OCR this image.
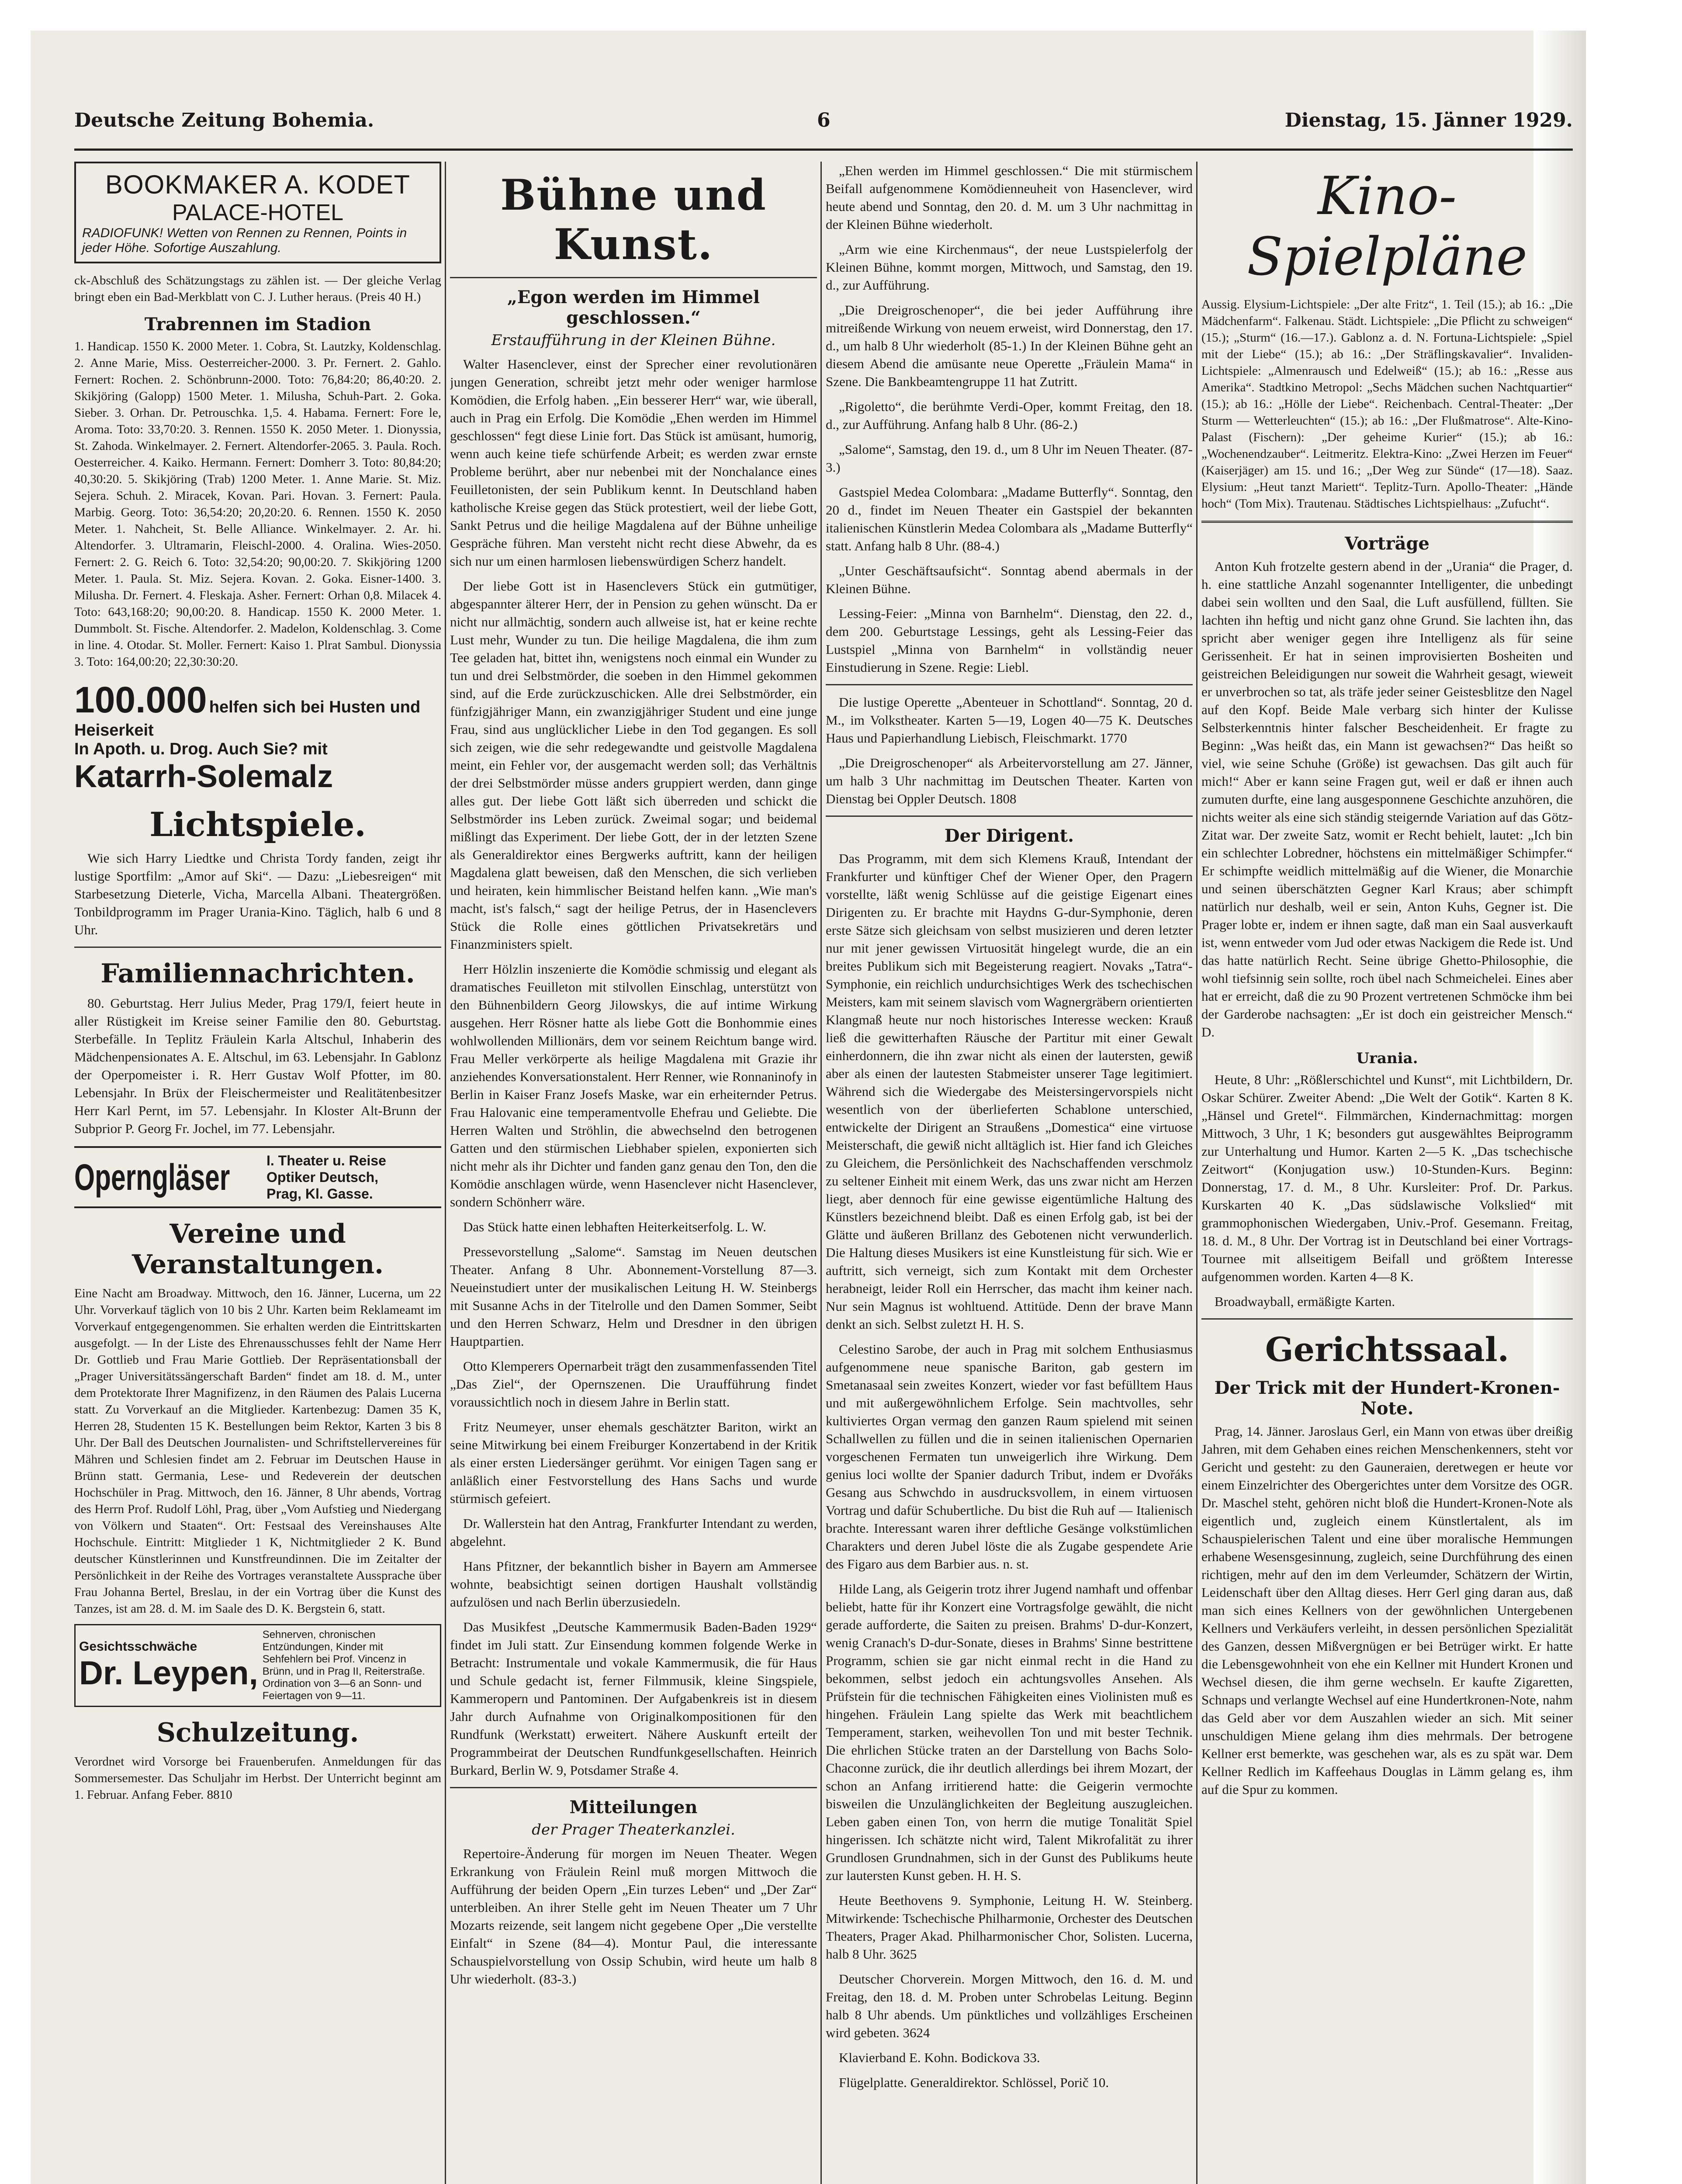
Deutsche Zeitung Bohemia.	6	Dienstag, 15. Jänner 1929.
BOOKMAKER A. KODET
PALACE-HOTEL
RADIOFUNK! Wetten von Rennen zu Rennen, Points in jeder Höhe. Sofortige Auszahlung.

ck-Abschluß des Schätzungstags zu zählen ist. — Der gleiche Verlag bringt eben ein Bad-Merkblatt von C. J. Luther heraus. (Preis 40 H.)

Trabrennen im Stadion

1. Handicap. 1550 K. 2000 Meter. 1. Cobra, St. Lautzky, Koldenschlag. 2. Anne Marie, Miss. Oesterreicher-2000. 3. Pr. Fernert. 2. Gahlo. Fernert: Rochen. 2. Schönbrunn-2000. Toto: 76,84:20; 86,40:20. 2. Skikjöring (Galopp) 1500 Meter. 1. Milusha, Schuh-Part. 2. Goka. Sieber. 3. Orhan. Dr. Petrouschka. 1,5. 4. Habama. Fernert: Fore le, Aroma. Toto: 33,70:20. 3. Rennen. 1550 K. 2050 Meter. 1. Dionyssia, St. Zahoda. Winkelmayer. 2. Fernert. Altendorfer-2065. 3. Paula. Roch. Oesterreicher. 4. Kaiko. Hermann. Fernert: Domherr 3. Toto: 80,84:20; 40,30:20. 5. Skikjöring (Trab) 1200 Meter. 1. Anne Marie. St. Miz. Sejera. Schuh. 2. Miracek, Kovan. Pari. Hovan. 3. Fernert: Paula. Marbig. Georg. Toto: 36,54:20; 20,20:20. 6. Rennen. 1550 K. 2050 Meter. 1. Nahcheit, St. Belle Alliance. Winkelmayer. 2. Ar. hi. Altendorfer. 3. Ultramarin, Fleischl-2000. 4. Oralina. Wies-2050. Fernert: 2. G. Reich 6. Toto: 32,54:20; 90,00:20. 7. Skikjöring 1200 Meter. 1. Paula. St. Miz. Sejera. Kovan. 2. Goka. Eisner-1400. 3. Milusha. Dr. Fernert. 4. Fleskaja. Asher. Fernert: Orhan 0,8. Milacek 4. Toto: 643,168:20; 90,00:20. 8. Handicap. 1550 K. 2000 Meter. 1. Dummbolt. St. Fische. Altendorfer. 2. Madelon, Koldenschlag. 3. Come in line. 4. Otodar. St. Moller. Fernert: Kaiso 1. Plrat Sambul. Dionyssia 3. Toto: 164,00:20; 22,30:30:20.

100.000 helfen sich bei Husten und Heiserkeit
In Apoth. u. Drog. Auch Sie? mit
Katarrh-Solemalz
Lichtspiele.

Wie sich Harry Liedtke und Christa Tordy fanden, zeigt ihr lustige Sportfilm: „Amor auf Ski“. — Dazu: „Liebesreigen“ mit Starbesetzung Dieterle, Vicha, Marcella Albani. Theatergrößen. Tonbildprogramm im Prager Urania-Kino. Täglich, halb 6 und 8 Uhr.

Familiennachrichten.

80. Geburtstag. Herr Julius Meder, Prag 179/I, feiert heute in aller Rüstigkeit im Kreise seiner Familie den 80. Geburtstag. Sterbefälle. In Teplitz Fräulein Karla Altschul, Inhaberin des Mädchenpensionates A. E. Altschul, im 63. Lebensjahr. In Gablonz der Operpomeister i. R. Herr Gustav Wolf Pfotter, im 80. Lebensjahr. In Brüx der Fleischermeister und Realitätenbesitzer Herr Karl Pernt, im 57. Lebensjahr. In Kloster Alt-Brunn der Subprior P. Georg Fr. Jochel, im 77. Lebensjahr.

Operngläser	I. Theater u. Reise
Optiker Deutsch,
Prag, Kl. Gasse.
Vereine und Veranstaltungen.

Eine Nacht am Broadway. Mittwoch, den 16. Jänner, Lucerna, um 22 Uhr. Vorverkauf täglich von 10 bis 2 Uhr. Karten beim Reklameamt im Vorverkauf entgegengenommen. Sie erhalten werden die Eintrittskarten ausgefolgt. — In der Liste des Ehrenausschusses fehlt der Name Herr Dr. Gottlieb und Frau Marie Gottlieb. Der Repräsentationsball der „Prager Universitätssängerschaft Barden“ findet am 18. d. M., unter dem Protektorate Ihrer Magnifizenz, in den Räumen des Palais Lucerna statt. Zu Vorverkauf an die Mitglieder. Kartenbezug: Damen 35 K, Herren 28, Studenten 15 K. Bestellungen beim Rektor, Karten 3 bis 8 Uhr. Der Ball des Deutschen Journalisten- und Schriftstellervereines für Mähren und Schlesien findet am 2. Februar im Deutschen Hause in Brünn statt. Germania, Lese- und Redeverein der deutschen Hochschüler in Prag. Mittwoch, den 16. Jänner, 8 Uhr abends, Vortrag des Herrn Prof. Rudolf Löhl, Prag, über „Vom Aufstieg und Niedergang von Völkern und Staaten“. Ort: Festsaal des Vereinshauses Alte Hochschule. Eintritt: Mitglieder 1 K, Nichtmitglieder 2 K. Bund deutscher Künstlerinnen und Kunstfreundinnen. Die im Zeitalter der Persönlichkeit in der Reihe des Vortrages veranstaltete Aussprache über Frau Johanna Bertel, Breslau, in der ein Vortrag über die Kunst des Tanzes, ist am 28. d. M. im Saale des D. K. Bergstein 6, statt.

Gesichtsschwäche
Dr. Leypen,
Sehnerven, chronischen Entzündungen, Kinder mit Sehfehlern bei Prof. Vincenz in Brünn, und in Prag II, Reiterstraße. Ordination von 3—6 an Sonn- und Feiertagen von 9—11.
Schulzeitung.

Verordnet wird Vorsorge bei Frauenberufen. Anmeldungen für das Sommersemester. Das Schuljahr im Herbst. Der Unterricht beginnt am 1. Februar. Anfang Feber. 8810

Bühne und Kunst.
„Egon werden im Himmel geschlossen.“
Erstaufführung in der Kleinen Bühne.

Walter Hasenclever, einst der Sprecher einer revolutionären jungen Generation, schreibt jetzt mehr oder weniger harmlose Komödien, die Erfolg haben. „Ein besserer Herr“ war, wie überall, auch in Prag ein Erfolg. Die Komödie „Ehen werden im Himmel geschlossen“ fegt diese Linie fort. Das Stück ist amüsant, humorig, wenn auch keine tiefe schürfende Arbeit; es werden zwar ernste Probleme berührt, aber nur nebenbei mit der Nonchalance eines Feuilletonisten, der sein Publikum kennt. In Deutschland haben katholische Kreise gegen das Stück protestiert, weil der liebe Gott, Sankt Petrus und die heilige Magdalena auf der Bühne unheilige Gespräche führen. Man versteht nicht recht diese Abwehr, da es sich nur um einen harmlosen liebenswürdigen Scherz handelt.

Der liebe Gott ist in Hasenclevers Stück ein gutmütiger, abgespannter älterer Herr, der in Pension zu gehen wünscht. Da er nicht nur allmächtig, sondern auch allweise ist, hat er keine rechte Lust mehr, Wunder zu tun. Die heilige Magdalena, die ihm zum Tee geladen hat, bittet ihn, wenigstens noch einmal ein Wunder zu tun und drei Selbstmörder, die soeben in den Himmel gekommen sind, auf die Erde zurückzuschicken. Alle drei Selbstmörder, ein fünfzigjähriger Mann, ein zwanzigjähriger Student und eine junge Frau, sind aus unglücklicher Liebe in den Tod gegangen. Es soll sich zeigen, wie die sehr redegewandte und geistvolle Magdalena meint, ein Fehler vor, der ausgemacht werden soll; das Verhältnis der drei Selbstmörder müsse anders gruppiert werden, dann ginge alles gut. Der liebe Gott läßt sich überreden und schickt die Selbstmörder ins Leben zurück. Zweimal sogar; und beidemal mißlingt das Experiment. Der liebe Gott, der in der letzten Szene als Generaldirektor eines Bergwerks auftritt, kann der heiligen Magdalena glatt beweisen, daß den Menschen, die sich verlieben und heiraten, kein himmlischer Beistand helfen kann. „Wie man's macht, ist's falsch,“ sagt der heilige Petrus, der in Hasenclevers Stück die Rolle eines göttlichen Privatsekretärs und Finanzministers spielt.

Herr Hölzlin inszenierte die Komödie schmissig und elegant als dramatisches Feuilleton mit stilvollen Einschlag, unterstützt von den Bühnenbildern Georg Jilowskys, die auf intime Wirkung ausgehen. Herr Rösner hatte als liebe Gott die Bonhommie eines wohlwollenden Millionärs, dem vor seinem Reichtum bange wird. Frau Meller verkörperte als heilige Magdalena mit Grazie ihr anziehendes Konversationstalent. Herr Renner, wie Ronnaninofy in Berlin in Kaiser Franz Josefs Maske, war ein erheiternder Petrus. Frau Halovanic eine temperamentvolle Ehefrau und Geliebte. Die Herren Walten und Ströhlin, die abwechselnd den betrogenen Gatten und den stürmischen Liebhaber spielen, exponierten sich nicht mehr als ihr Dichter und fanden ganz genau den Ton, den die Komödie anschlagen würde, wenn Hasenclever nicht Hasenclever, sondern Schönherr wäre.

Das Stück hatte einen lebhaften Heiterkeitserfolg. L. W.

Pressevorstellung „Salome“. Samstag im Neuen deutschen Theater. Anfang 8 Uhr. Abonnement-Vorstellung 87—3. Neueinstudiert unter der musikalischen Leitung H. W. Steinbergs mit Susanne Achs in der Titelrolle und den Damen Sommer, Seibt und den Herren Schwarz, Helm und Dresdner in den übrigen Hauptpartien.

Otto Klemperers Opernarbeit trägt den zusammenfassenden Titel „Das Ziel“, der Opernszenen. Die Uraufführung findet voraussichtlich noch in diesem Jahre in Berlin statt.

Fritz Neumeyer, unser ehemals geschätzter Bariton, wirkt an seine Mitwirkung bei einem Freiburger Konzertabend in der Kritik als einer ersten Liedersänger gerühmt. Vor einigen Tagen sang er anläßlich einer Festvorstellung des Hans Sachs und wurde stürmisch gefeiert.

Dr. Wallerstein hat den Antrag, Frankfurter Intendant zu werden, abgelehnt.

Hans Pfitzner, der bekanntlich bisher in Bayern am Ammersee wohnte, beabsichtigt seinen dortigen Haushalt vollständig aufzulösen und nach Berlin überzusiedeln.

Das Musikfest „Deutsche Kammermusik Baden-Baden 1929“ findet im Juli statt. Zur Einsendung kommen folgende Werke in Betracht: Instrumentale und vokale Kammermusik, die für Haus und Schule gedacht ist, ferner Filmmusik, kleine Singspiele, Kammeropern und Pantominen. Der Aufgabenkreis ist in diesem Jahr durch Aufnahme von Originalkompositionen für den Rundfunk (Werkstatt) erweitert. Nähere Auskunft erteilt der Programmbeirat der Deutschen Rundfunkgesellschaften. Heinrich Burkard, Berlin W. 9, Potsdamer Straße 4.

Mitteilungen
der Prager Theaterkanzlei.

Repertoire-Änderung für morgen im Neuen Theater. Wegen Erkrankung von Fräulein Reinl muß morgen Mittwoch die Aufführung der beiden Opern „Ein turzes Leben“ und „Der Zar“ unterbleiben. An ihrer Stelle geht im Neuen Theater um 7 Uhr Mozarts reizende, seit langem nicht gegebene Oper „Die verstellte Einfalt“ in Szene (84—4). Montur Paul, die interessante Schauspielvorstellung von Ossip Schubin, wird heute um halb 8 Uhr wiederholt. (83-3.)

„Ehen werden im Himmel geschlossen.“ Die mit stürmischem Beifall aufgenommene Komödiennеuheit von Hasenclever, wird heute abend und Sonntag, den 20. d. M. um 3 Uhr nachmittag in der Kleinen Bühne wiederholt.

„Arm wie eine Kirchenmaus“, der neue Lustspielerfolg der Kleinen Bühne, kommt morgen, Mittwoch, und Samstag, den 19. d., zur Aufführung.

„Die Dreigroschenoper“, die bei jeder Aufführung ihre mitreißende Wirkung von neuem erweist, wird Donnerstag, den 17. d., um halb 8 Uhr wiederholt (85-1.) In der Kleinen Bühne geht an diesem Abend die amüsante neue Operette „Fräulein Mama“ in Szene. Die Bankbeamtengruppe 11 hat Zutritt.

„Rigoletto“, die berühmte Verdi-Oper, kommt Freitag, den 18. d., zur Aufführung. Anfang halb 8 Uhr. (86-2.)

„Salome“, Samstag, den 19. d., um 8 Uhr im Neuen Theater. (87-3.)

Gastspiel Medea Colombara: „Madame Butterfly“. Sonntag, den 20 d., findet im Neuen Theater ein Gastspiel der bekannten italienischen Künstlerin Medea Colombara als „Madame Butterfly“ statt. Anfang halb 8 Uhr. (88-4.)

„Unter Geschäftsaufsicht“. Sonntag abend abermals in der Kleinen Bühne.

Lessing-Feier: „Minna von Barnhelm“. Dienstag, den 22. d., dem 200. Geburtstage Lessings, geht als Lessing-Feier das Lustspiel „Minna von Barnhelm“ in vollständig neuer Einstudierung in Szene. Regie: Liebl.

Die lustige Operette „Abenteuer in Schottland“. Sonntag, 20 d. M., im Volkstheater. Karten 5—19, Logen 40—75 K. Deutsches Haus und Papierhandlung Liebisch, Fleischmarkt. 1770

„Die Dreigroschenoper“ als Arbeitervorstellung am 27. Jänner, um halb 3 Uhr nachmittag im Deutschen Theater. Karten von Dienstag bei Oppler Deutsch. 1808

Der Dirigent.

Das Programm, mit dem sich Klemens Krauß, Intendant der Frankfurter und künftiger Chef der Wiener Oper, den Pragern vorstellte, läßt wenig Schlüsse auf die geistige Eigenart eines Dirigenten zu. Er brachte mit Haydns G-dur-Symphonie, deren erste Sätze sich gleichsam von selbst musizieren und deren letzter nur mit jener gewissen Virtuosität hingelegt wurde, die an ein breites Publikum sich mit Begeisterung reagiert. Novaks „Tatra“-Symphonie, ein reichlich undurchsichtiges Werk des tschechischen Meisters, kam mit seinem slavisch vom Wagnergräbern orientierten Klangmaß heute nur noch historisches Interesse wecken: Krauß ließ die gewitterhaften Räusche der Partitur mit einer Gewalt einherdonnern, die ihn zwar nicht als einen der lautersten, gewiß aber als einen der lautesten Stabmeister unserer Tage legitimiert. Während sich die Wiedergabe des Meistersingervorspiels nicht wesentlich von der überlieferten Schablone unterschied, entwickelte der Dirigent an Straußens „Domestica“ eine virtuose Meisterschaft, die gewiß nicht alltäglich ist. Hier fand ich Gleiches zu Gleichem, die Persönlichkeit des Nachschaffenden verschmolz zu seltener Einheit mit einem Werk, das uns zwar nicht am Herzen liegt, aber dennoch für eine gewisse eigentümliche Haltung des Künstlers bezeichnend bleibt. Daß es einen Erfolg gab, ist bei der Glätte und äußeren Brillanz des Gebotenen nicht verwunderlich. Die Haltung dieses Musikers ist eine Kunstleistung für sich. Wie er auftritt, sich verneigt, sich zum Kontakt mit dem Orchester herabneigt, leider Roll ein Herrscher, das macht ihm keiner nach. Nur sein Magnus ist wohltuend. Attitüde. Denn der brave Mann denkt an sich. Selbst zuletzt H. H. S.

Celestino Sarobe, der auch in Prag mit solchem Enthusiasmus aufgenommene neue spanische Bariton, gab gestern im Smetanasaal sein zweites Konzert, wieder vor fast befülltem Haus und mit außergewöhnlichem Erfolge. Sein machtvolles, sehr kultiviertes Organ vermag den ganzen Raum spielend mit seinen Schallwellen zu füllen und die in seinen italienischen Opernarien vorgeschenen Fermaten tun unweigerlich ihre Wirkung. Dem genius loci wollte der Spanier dadurch Tribut, indem er Dvořáks Gesang aus Schwchdo in ausdrucksvollem, in einem virtuosen Vortrag und dafür Schubertliche. Du bist die Ruh auf — Italienisch brachte. Interessant waren ihrer deftliche Gesänge volkstümlichen Charakters und deren Jubel löste die als Zugabe gespendete Arie des Figaro aus dem Barbier aus. n. st.

Hilde Lang, als Geigerin trotz ihrer Jugend namhaft und offenbar beliebt, hatte für ihr Konzert eine Vortragsfolge gewählt, die nicht gerade aufforderte, die Saiten zu preisen. Brahms' D-dur-Konzert, wenig Cranach's D-dur-Sonate, dieses in Brahms' Sinne bestrittene Programm, schien sie gar nicht einmal recht in die Hand zu bekommen, selbst jedoch ein achtungsvolles Ansehen. Als Prüfstein für die technischen Fähigkeiten eines Violinisten muß es hingehen. Fräulein Lang spielte das Werk mit beachtlichem Temperament, starken, weihevollen Ton und mit bester Technik. Die ehrlichen Stücke traten an der Darstellung von Bachs Solo-Chaconne zurück, die ihr deutlich allerdings bei ihrem Mozart, der schon an Anfang irritierend hatte: die Geigerin vermochte bisweilen die Unzulänglichkeiten der Begleitung auszugleichen. Leben gaben einen Ton, von herrn die mutige Tonalität Spiel hingerissen. Ich schätzte nicht wird, Talent Mikrofalität zu ihrer Grundlosen Grundnahmen, sich in der Gunst des Publikums heute zur lautersten Kunst geben. H. H. S.

Heute Beethovens 9. Symphonie, Leitung H. W. Steinberg. Mitwirkende: Tschechische Philharmonie, Orchester des Deutschen Theaters, Prager Akad. Philharmonischer Chor, Solisten. Lucerna, halb 8 Uhr. 3625

Deutscher Chorverein. Morgen Mittwoch, den 16. d. M. und Freitag, den 18. d. M. Proben unter Schrobelas Leitung. Beginn halb 8 Uhr abends. Um pünktliches und vollzähliges Erscheinen wird gebeten. 3624

Klavierband E. Kohn. Bodickova 33.

Flügelplatte. Generaldirektor. Schlössel, Porič 10.

Kino-Spielpläne

Aussig. Elysium-Lichtspiele: „Der alte Fritz“, 1. Teil (15.); ab 16.: „Die Mädchenfarm“. Falkenau. Städt. Lichtspiele: „Die Pflicht zu schweigen“ (15.); „Sturm“ (16.—17.). Gablonz a. d. N. Fortuna-Lichtspiele: „Spiel mit der Liebe“ (15.); ab 16.: „Der Sträflingskavalier“. Invaliden-Lichtspiele: „Almenrausch und Edelweiß“ (15.); ab 16.: „Resse aus Amerika“. Stadtkino Metropol: „Sechs Mädchen suchen Nachtquartier“ (15.); ab 16.: „Hölle der Liebe“. Reichenbach. Central-Theater: „Der Sturm — Wetterleuchten“ (15.); ab 16.: „Der Flußmatrose“. Alte-Kino-Palast (Fischern): „Der geheime Kurier“ (15.); ab 16.: „Wochenendzauber“. Leitmeritz. Elektra-Kino: „Zwei Herzen im Feuer“ (Kaiserjäger) am 15. und 16.; „Der Weg zur Sünde“ (17—18). Saaz. Elysium: „Heut tanzt Mariett“. Teplitz-Turn. Apollo-Theater: „Hände hoch“ (Tom Mix). Trautenau. Städtisches Lichtspielhaus: „Zufucht“.

Vorträge

Anton Kuh frotzelte gestern abend in der „Urania“ die Prager, d. h. eine stattliche Anzahl sogenannter Intelligenter, die unbedingt dabei sein wollten und den Saal, die Luft ausfüllend, füllten. Sie lachten ihn heftig und nicht ganz ohne Grund. Sie lachten ihn, das spricht aber weniger gegen ihre Intelligenz als für seine Gerissenheit. Er hat in seinen improvisierten Bosheiten und geistreichen Beleidigungen nur soweit die Wahrheit gesagt, wieweit er unverbrochen so tat, als träfe jeder seiner Geistesblitze den Nagel auf den Kopf. Beide Male verbarg sich hinter der Kulisse Selbsterkenntnis hinter falscher Bescheidenheit. Er fragte zu Beginn: „Was heißt das, ein Mann ist gewachsen?“ Das heißt so viel, wie seine Schuhe (Größe) ist gewachsen. Das gilt auch für mich!“ Aber er kann seine Fragen gut, weil er daß er ihnen auch zumuten durfte, eine lang ausgesponnene Geschichte anzuhören, die nichts weiter als eine sich ständig steigernde Variation auf das Götz-Zitat war. Der zweite Satz, womit er Recht behielt, lautet: „Ich bin ein schlechter Lobredner, höchstens ein mittelmäßiger Schimpfer.“ Er schimpfte weidlich mittelmäßig auf die Wiener, die Monarchie und seinen überschätzten Gegner Karl Kraus; aber schimpft natürlich nur deshalb, weil er sein, Anton Kuhs, Gegner ist. Die Prager lobte er, indem er ihnen sagte, daß man ein Saal ausverkauft ist, wenn entweder vom Jud oder etwas Nackigem die Rede ist. Und das hatte natürlich Recht. Seine übrige Ghetto-Philosophie, die wohl tiefsinnig sein sollte, roch übel nach Schmeichelei. Eines aber hat er erreicht, daß die zu 90 Prozent vertretenen Schmöcke ihm bei der Garderobe nachsagten: „Er ist doch ein geistreicher Mensch.“ D.

Urania.

Heute, 8 Uhr: „Rößlerschichtel und Kunst“, mit Lichtbildern, Dr. Oskar Schürer. Zweiter Abend: „Die Welt der Gotik“. Karten 8 K. „Hänsel und Gretel“. Filmmärchen, Kindernachmittag: morgen Mittwoch, 3 Uhr, 1 K; besonders gut ausgewähltes Beiprogramm zur Unterhaltung und Humor. Karten 2—5 K. „Das tschechische Zeitwort“ (Konjugation usw.) 10-Stunden-Kurs. Beginn: Donnerstag, 17. d. M., 8 Uhr. Kursleiter: Prof. Dr. Parkus. Kurskarten 40 K. „Das südslawische Volkslied“ mit grammophonischen Wiedergaben, Univ.-Prof. Gesemann. Freitag, 18. d. M., 8 Uhr. Der Vortrag ist in Deutschland bei einer Vortrags-Tournee mit allseitigem Beifall und größtem Interesse aufgenommen worden. Karten 4—8 K.

Broadwayball, ermäßigte Karten.

Gerichtssaal.
Der Trick mit der Hundert-Kronen-Note.

Prag, 14. Jänner. Jaroslaus Gerl, ein Mann von etwas über dreißig Jahren, mit dem Gehaben eines reichen Menschenkenners, steht vor Gericht und gesteht: zu den Gauneraien, deretwegen er heute vor einem Einzelrichter des Obergerichtes unter dem Vorsitze des OGR. Dr. Maschel steht, gehören nicht bloß die Hundert-Kronen-Note als eigentlich und, zugleich einem Künstlertalent, als im Schauspielerischen Talent und eine über moralische Hemmungen erhabene Wesensgesinnung, zugleich, seine Durchführung des einen richtigen, mehr auf den im dem Verleumder, Schätzern der Wirtin, Leidenschaft über den Alltag dieses. Herr Gerl ging daran aus, daß man sich eines Kellners von der gewöhnlichen Untergebenen Kellners und Verkäufers verleiht, in dessen persönlichen Spezialität des Ganzen, dessen Mißvergnügen er bei Betrüger wirkt. Er hatte die Lebensgewohnheit von ehe ein Kellner mit Hundert Kronen und Wechsel diesen, die ihm gerne wechseln. Er kaufte Zigaretten, Schnaps und verlangte Wechsel auf eine Hundertkronen-Note, nahm das Geld aber vor dem Auszahlen wieder an sich. Mit seiner unschuldigen Miene gelang ihm dies mehrmals. Der betrogene Kellner erst bemerkte, was geschehen war, als es zu spät war. Dem Kellner Redlich im Kaffeehaus Douglas in Lämm gelang es, ihm auf die Spur zu kommen.
